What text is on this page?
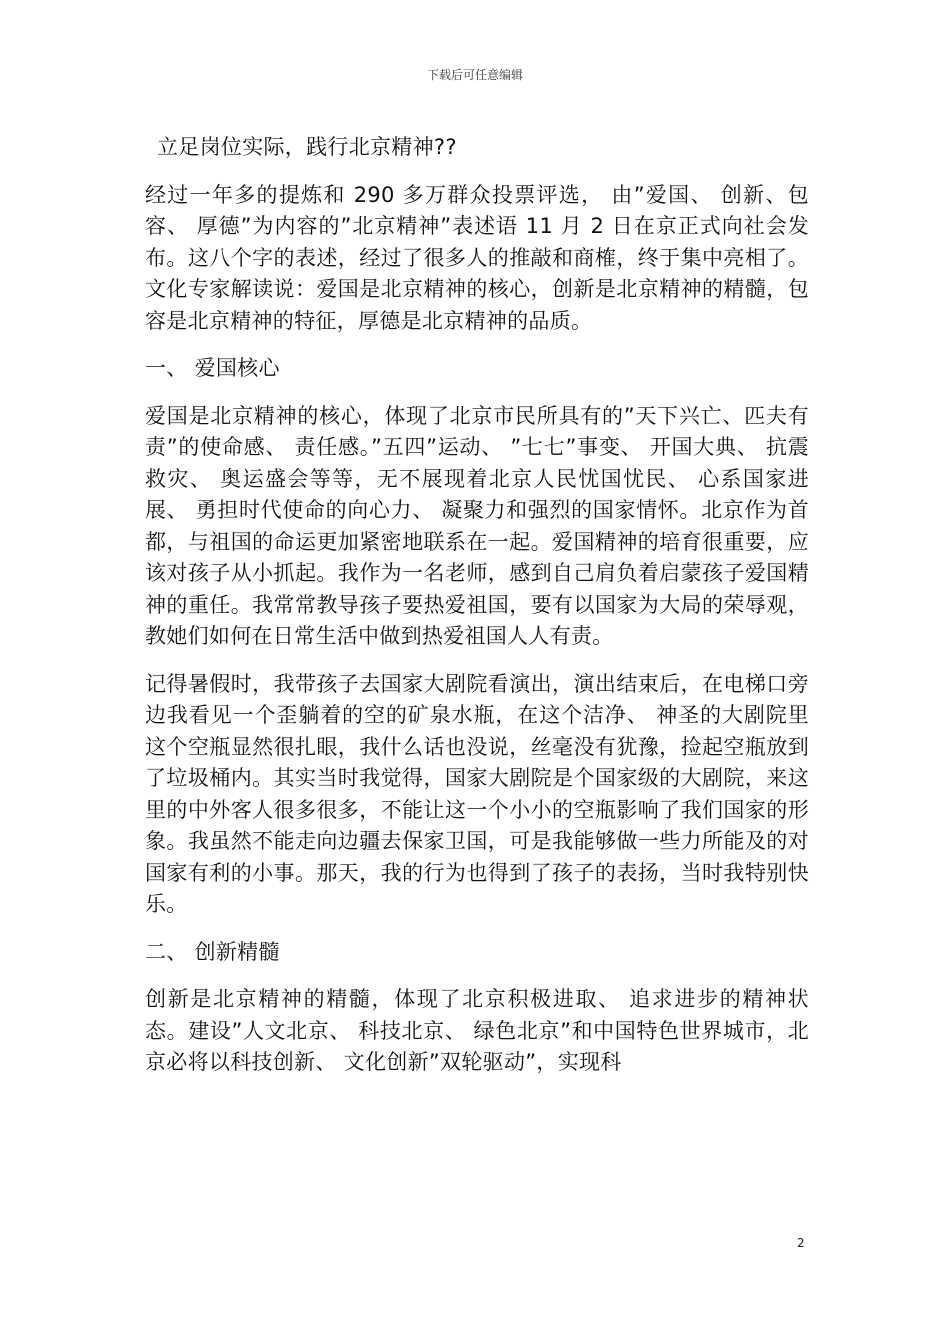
下载后可任意编辑

立足岗位实际，践行北京精神??

经过一年多的提炼和 290 多万群众投票评选， 由”爱国、 创新、包容、 厚德”为内容的”北京精神”表述语 11 月 2 日在京正式向社会发布。这八个字的表述，经过了很多人的推敲和商榷，终于集中亮相了。文化专家解读说：爱国是北京精神的核心，创新是北京精神的精髓，包容是北京精神的特征，厚德是北京精神的品质。

一、 爱国核心

爱国是北京精神的核心，体现了北京市民所具有的”天下兴亡、匹夫有责”的使命感、 责任感。”五四”运动、 ”七七”事变、 开国大典、 抗震救灾、 奥运盛会等等，无不展现着北京人民忧国忧民、 心系国家进展、 勇担时代使命的向心力、 凝聚力和强烈的国家情怀。北京作为首都，与祖国的命运更加紧密地联系在一起。爱国精神的培育很重要，应该对孩子从小抓起。我作为一名老师，感到自己肩负着启蒙孩子爱国精神的重任。我常常教导孩子要热爱祖国，要有以国家为大局的荣辱观，教她们如何在日常生活中做到热爱祖国人人有责。

记得暑假时，我带孩子去国家大剧院看演出，演出结束后，在电梯口旁边我看见一个歪躺着的空的矿泉水瓶，在这个洁净、 神圣的大剧院里这个空瓶显然很扎眼，我什么话也没说，丝毫没有犹豫，捡起空瓶放到了垃圾桶内。其实当时我觉得，国家大剧院是个国家级的大剧院，来这里的中外客人很多很多，不能让这一个小小的空瓶影响了我们国家的形象。我虽然不能走向边疆去保家卫国，可是我能够做一些力所能及的对国家有利的小事。那天，我的行为也得到了孩子的表扬，当时我特别快乐。

二、 创新精髓

创新是北京精神的精髓，体现了北京积极进取、 追求进步的精神状态。建设”人文北京、 科技北京、 绿色北京”和中国特色世界城市，北京必将以科技创新、 文化创新”双轮驱动”，实现科

2
